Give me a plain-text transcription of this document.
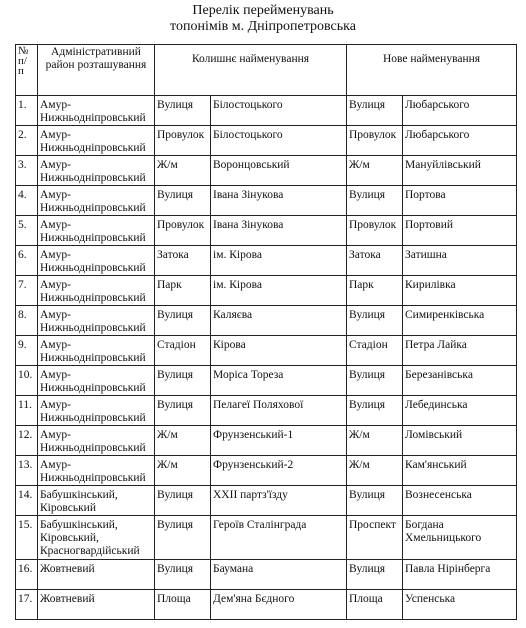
Перелік перейменувань
топонімів м. Дніпропетровська
№ п/ п	Адміністративний район розташування	Колишнє найменування		Нове найменування	
1.	Амур-Нижньодніпровський	Вулиця	Білостоцького	Вулиця	Любарського
2.	Амур-Нижньодніпровський	Провулок	Білостоцького	Провулок	Любарського
3.	Амур-Нижньодніпровський	Ж/м	Воронцовський	Ж/м	Мануйлівський
4.	Амур-Нижньодніпровський	Вулиця	Івана Зінукова	Вулиця	Портова
5.	Амур-Нижньодніпровський	Провулок	Івана Зінукова	Провулок	Портовий
6.	Амур-Нижньодніпровський	Затока	ім. Кірова	Затока	Затишна
7.	Амур-Нижньодніпровський	Парк	ім. Кірова	Парк	Кирилівка
8.	Амур-Нижньодніпровський	Вулиця	Каляєва	Вулиця	Симиренківська
9.	Амур-Нижньодніпровський	Стадіон	Кірова	Стадіон	Петра Лайка
10.	Амур-Нижньодніпровський	Вулиця	Моріса Тореза	Вулиця	Березанівська
11.	Амур-Нижньодніпровський	Вулиця	Пелагеї Поляхової	Вулиця	Лебединська
12.	Амур-Нижньодніпровський	Ж/м	Фрунзенський-1	Ж/м	Ломівський
13.	Амур-Нижньодніпровський	Ж/м	Фрунзенський-2	Ж/м	Кам'янський
14.	Бабушкінський, Кіровський	Вулиця	XXII партз'їзду	Вулиця	Вознесенська
15.	Бабушкінський, Кіровський, Красногвардійський	Вулиця	Героїв Сталінграда	Проспект	Богдана Хмельницького
16.	Жовтневий	Вулиця	Баумана	Вулиця	Павла Нірінберга
17.	Жовтневий	Площа	Дем'яна Бєдного	Площа	Успенська
